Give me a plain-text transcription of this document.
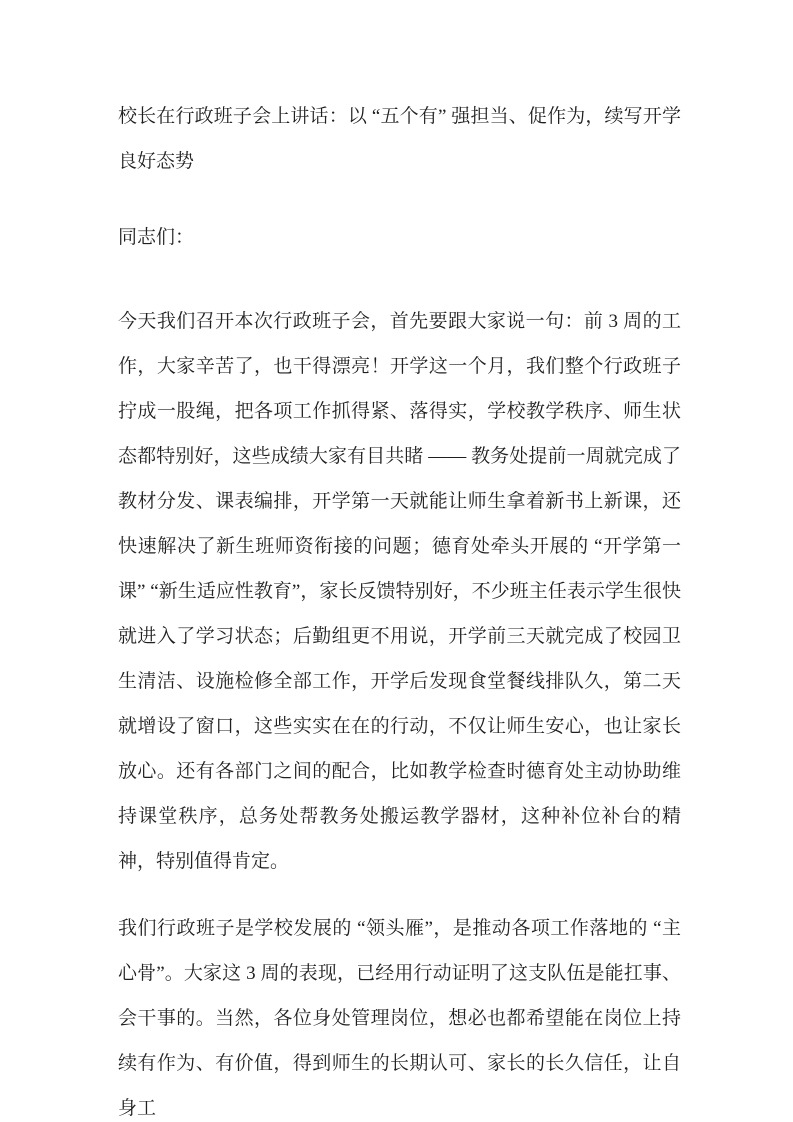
校长在行政班子会上讲话：以 “五个有” 强担当、促作为，续写开学良好态势

同志们：

今天我们召开本次行政班子会，首先要跟大家说一句：前 3 周的工作，大家辛苦了，也干得漂亮！开学这一个月，我们整个行政班子拧成一股绳，把各项工作抓得紧、落得实，学校教学秩序、师生状态都特别好，这些成绩大家有目共睹 —— 教务处提前一周就完成了教材分发、课表编排，开学第一天就能让师生拿着新书上新课，还快速解决了新生班师资衔接的问题；德育处牵头开展的 “开学第一课” “新生适应性教育”，家长反馈特别好，不少班主任表示学生很快就进入了学习状态；后勤组更不用说，开学前三天就完成了校园卫生清洁、设施检修全部工作，开学后发现食堂餐线排队久，第二天就增设了窗口，这些实实在在的行动，不仅让师生安心，也让家长放心。还有各部门之间的配合，比如教学检查时德育处主动协助维持课堂秩序，总务处帮教务处搬运教学器材，这种补位补台的精神，特别值得肯定。

我们行政班子是学校发展的 “领头雁”，是推动各项工作落地的 “主心骨”。大家这 3 周的表现，已经用行动证明了这支队伍是能扛事、会干事的。当然，各位身处管理岗位，想必也都希望能在岗位上持续有作为、有价值，得到师生的长期认可、家长的长久信任，让自身工
